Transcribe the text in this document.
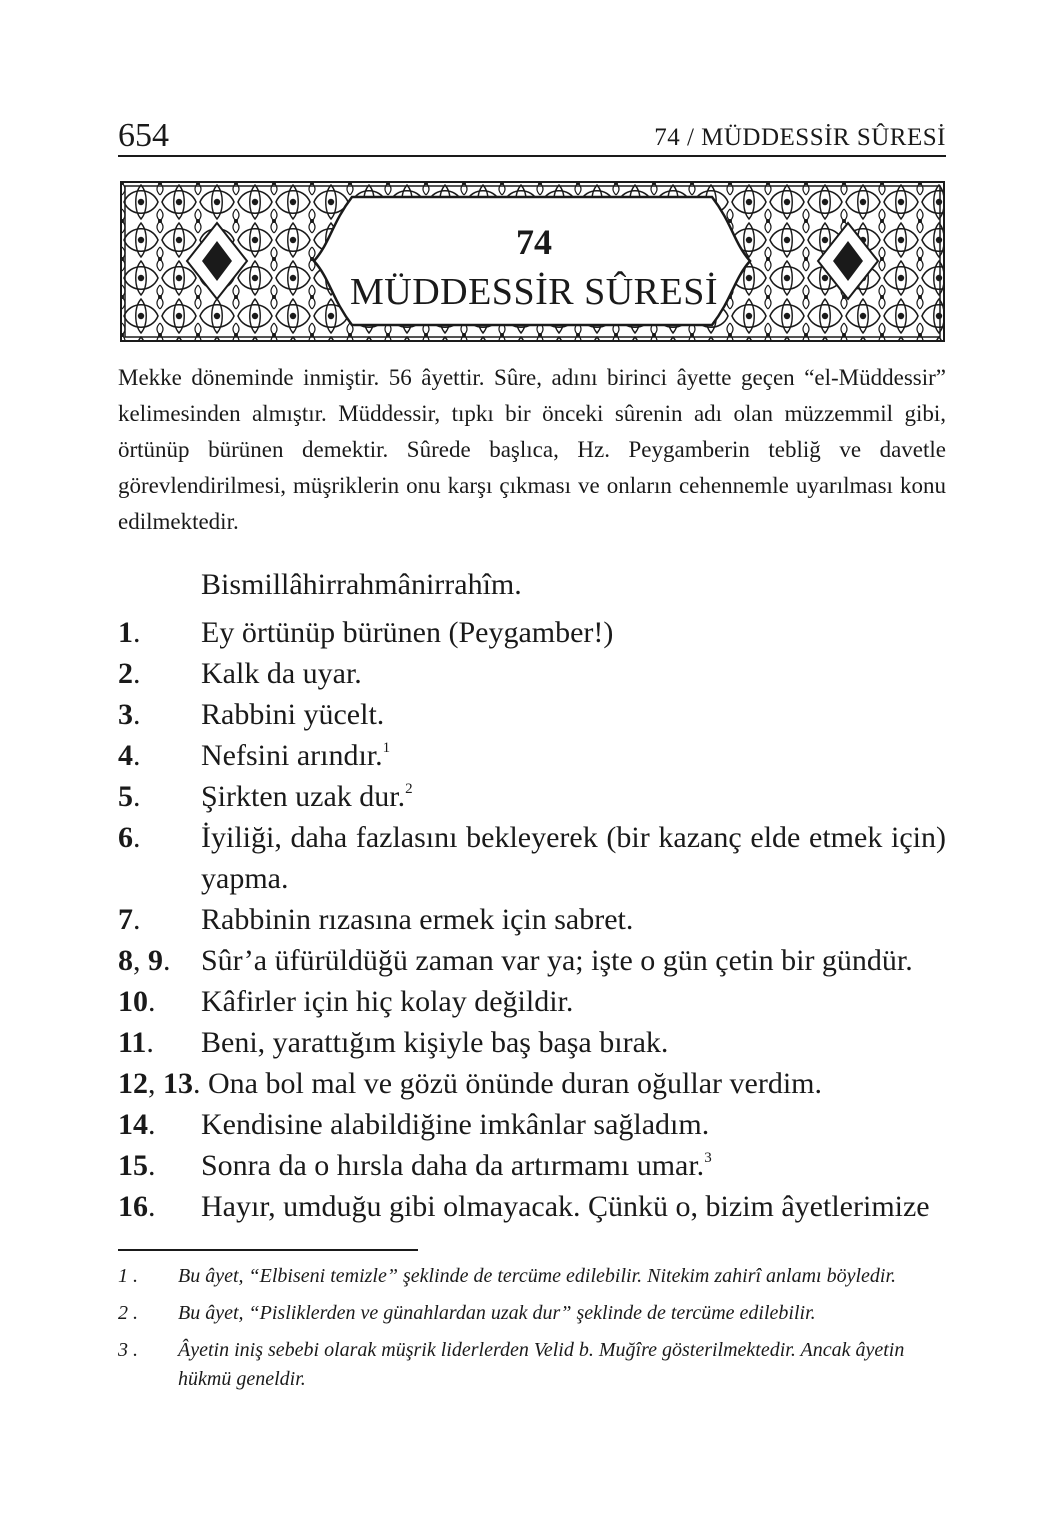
654	74 / MÜDDESSİR SÛRESİ
74
MÜDDESSİR SÛRESİ

Mekke döneminde inmiştir. 56 âyettir. Sûre, adını birinci âyette geçen “el-Müddessir” kelimesinden almıştır. Müddessir, tıpkı bir önceki sûrenin adı olan müzzemmil gibi, örtünüp bürünen demektir. Sûrede başlıca, Hz. Peygamberin tebliğ ve davetle görevlendirilmesi, müşriklerin onu karşı çıkması ve onların cehennemle uyarılması konu edilmektedir.

Bismillâhirrahmânirrahîm.
1.	Ey örtünüp bürünen (Peygamber!)
2.	Kalk da uyar.
3.	Rabbini yücelt.
4.	Nefsini arındır.$^1$
5.	Şirkten uzak dur.$^2$
6.	İyiliği, daha fazlasını bekleyerek (bir kazanç elde etmek için) yapma.
7.	Rabbinin rızasına ermek için sabret.
8, 9.	Sûr’a üfürüldüğü zaman var ya; işte o gün çetin bir gündür.
10.	Kâfirler için hiç kolay değildir.
11.	Beni, yarattığım kişiyle baş başa bırak.
12, 13. Ona bol mal ve gözü önünde duran oğullar verdim.
14.	Kendisine alabildiğine imkânlar sağladım.
15.	Sonra da o hırsla daha da artırmamı umar.$^3$
16.	Hayır, umduğu gibi olmayacak. Çünkü o, bizim âyetlerimize
1 .	Bu âyet, “Elbiseni temizle” şeklinde de tercüme edilebilir. Nitekim zahirî anlamı böyledir.
2 .	Bu âyet, “Pisliklerden ve günahlardan uzak dur” şeklinde de tercüme edilebilir.
3 .	Âyetin iniş sebebi olarak müşrik liderlerden Velid b. Muğîre gösterilmektedir. Ancak âyetin hükmü geneldir.
